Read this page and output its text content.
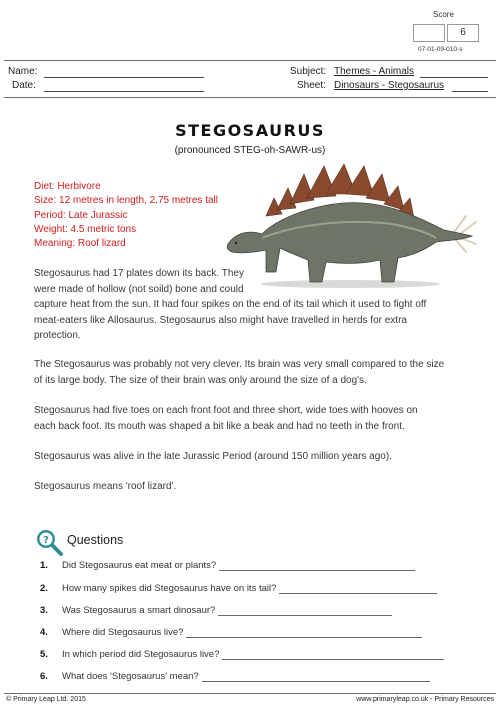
Score
6
07-01-09-010-s
Name:
Date:
Subject: Themes - Animals
Sheet: Dinosaurs - Stegosaurus
STEGOSAURUS
(pronounced STEG-oh-SAWR-us)
Diet: Herbivore
Size: 12 metres in length, 2.75 metres tall
Period: Late Jurassic
Weight: 4.5 metric tons
Meaning: Roof lizard
Stegosaurus had 17 plates down its back. They
were made of hollow (not soild) bone and could
capture heat from the sun. It had four spikes on the end of its tail which it used to fight off
meat-eaters like Allosaurus. Stegosaurus also might have travelled in herds for extra
protection.
The Stegosaurus was probably not very clever. Its brain was very small compared to the size
of its large body. The size of their brain was only around the size of a dog's.
Stegosaurus had five toes on each front foot and three short, wide toes with hooves on
each back foot. Its mouth was shaped a bit like a beak and had no teeth in the front.
Stegosaurus was alive in the late Jurassic Period (around 150 million years ago).
Stegosaurus means 'roof lizard'.
? Questions
1.	Did Stegosaurus eat meat or plants?
2.	How many spikes did Stegosaurus have on its tail?
3.	Was Stegosaurus a smart dinosaur?
4.	Where did Stegosaurus live?
5.	In which period did Stegosaurus live?
6.	What does 'Stegosaurus' mean?
© Primary Leap Ltd. 2015	www.primaryleap.co.uk - Primary Resources
